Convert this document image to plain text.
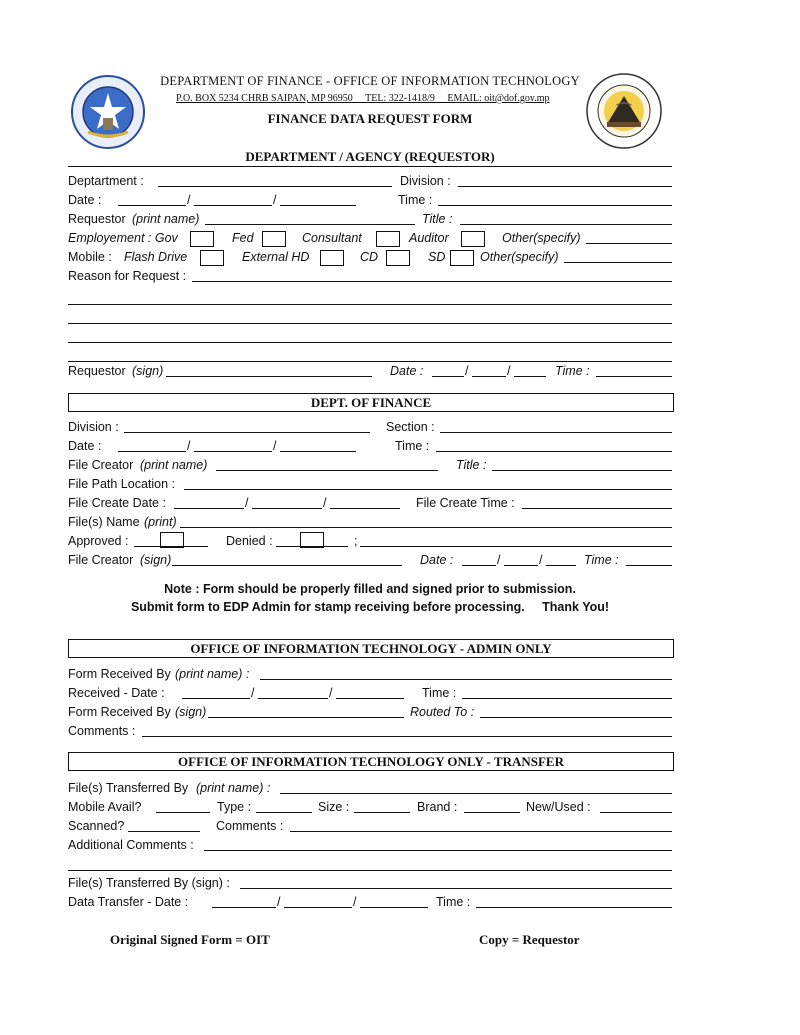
DEPARTMENT OF FINANCE - OFFICE OF INFORMATION TECHNOLOGY
P.O. BOX 5234 CHRB SAIPAN, MP 96950     TEL: 322-1418/9     EMAIL: oit@dof.gov.mp
FINANCE DATA REQUEST FORM
DEPARTMENT / AGENCY (REQUESTOR)
Deptartment :	Division :
Date :	/	/	Time :
Requestor (print name)	Title :
Employement : Gov	Fed	Consultant	Auditor	Other(specify)
Mobile : Flash Drive	External HD	CD	SD	Other(specify)
Reason for Request :
Requestor (sign)	Date :	/	/	Time :
DEPT. OF FINANCE
Division :	Section :
Date :	/	/	Time :
File Creator (print name)	Title :
File Path Location :
File Create Date :	/	/	File Create Time :
File(s) Name (print)
Approved :	Denied :	;
File Creator (sign)	Date :	/	/	Time :
Note : Form should be properly filled and signed prior to submission.
Submit form to EDP Admin for stamp receiving before processing.     Thank You!
OFFICE OF INFORMATION TECHNOLOGY - ADMIN ONLY
Form Received By (print name) :
Received - Date :	/	/	Time :
Form Received By (sign)	Routed To :
Comments :
OFFICE OF INFORMATION TECHNOLOGY ONLY - TRANSFER
File(s) Transferred By (print name) :
Mobile Avail?	Type :	Size :	Brand :	New/Used :
Scanned?	Comments :
Additional Comments :
File(s) Transferred By (sign) :
Data Transfer - Date :	/	/	Time :
Original Signed Form = OIT	Copy = Requestor
